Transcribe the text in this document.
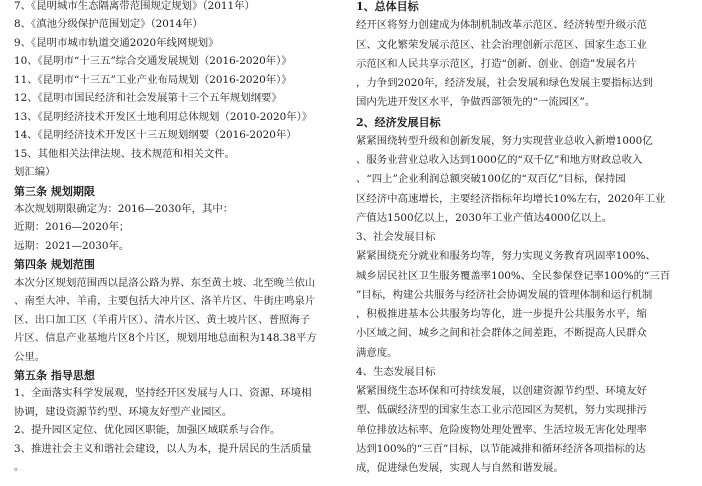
7、《昆明城市生态隔离带范围规定规划》（2011年）
8、《滇池分级保护范围划定》（2014年）
9、《昆明市城市轨道交通2020年线网规划》
10、《昆明市“十三五”综合交通发展规划（2016-2020年）》
11、《昆明市“十三五”工业产业布局规划（2016-2020年）》
12、《昆明市国民经济和社会发展第十三个五年规划纲要》
13、《昆明经济技术开发区土地利用总体规划（2010-2020年）》
14、《昆明经济技术开发区十三五规划纲要（2016-2020年）
15、其他相关法律法规、技术规范和相关文件。
划汇编）
第三条 规划期限
本次规划期限确定为：2016—2030年，其中：
近期：2016—2020年；
远期：2021—2030年。
第四条 规划范围
本次分区规划范围西以昆洛公路为界、东至黄土坡、北至晚兰依山
、南至大冲、羊甫，主要包括大冲片区、洛羊片区、牛街庄鸣泉片
区、出口加工区（羊甫片区）、清水片区、黄土坡片区、普照海子
片区、信息产业基地片区8个片区，规划用地总面积为148.38平方
公里。
第五条 指导思想
1、全面落实科学发展观，坚持经开区发展与人口、资源、环境相
协调，建设资源节约型、环境友好型产业园区。
2、提升园区定位、优化园区职能，加强区域联系与合作。
3、推进社会主义和谐社会建设，以人为本，提升居民的生活质量
。
1、总体目标
经开区将努力创建成为体制机制改革示范区、经济转型升级示范
区、文化繁荣发展示范区、社会治理创新示范区、国家生态工业
示范区和人民共享示范区，打造“创新、创业、创造”发展名片
，力争到2020年，经济发展，社会发展和绿色发展主要指标达到
国内先进开发区水平，争做西部领先的“一流园区”。
2、经济发展目标
紧紧围绕转型升级和创新发展，努力实现营业总收入新增1000亿
、服务业营业总收入达到1000亿的“双千亿”和地方财政总收入
、“四上”企业利润总额突破100亿的“双百亿”目标，保持园
区经济中高速增长，主要经济指标年均增长10%左右，2020年工业
产值达1500亿以上，2030年工业产值达4000亿以上。
3、社会发展目标
紧紧围绕充分就业和服务均等，努力实现义务教育巩固率100%、
城乡居民社区卫生服务覆盖率100%、全民参保登记率100%的“三百
”目标，构建公共服务与经济社会协调发展的管理体制和运行机制
，积极推进基本公共服务均等化，进一步提升公共服务水平，缩
小区域之间、城乡之间和社会群体之间差距，不断提高人民群众
满意度。
4、生态发展目标
紧紧围绕生态环保和可持续发展，以创建资源节约型、环境友好
型、低碳经济型的国家生态工业示范园区为契机，努力实现排污
单位排放达标率、危险废物处理处置率、生活垃圾无害化处理率
达到100%的“三百”目标，以节能减排和循环经济各项指标的达
成，促进绿色发展，实现人与自然和谐发展。
